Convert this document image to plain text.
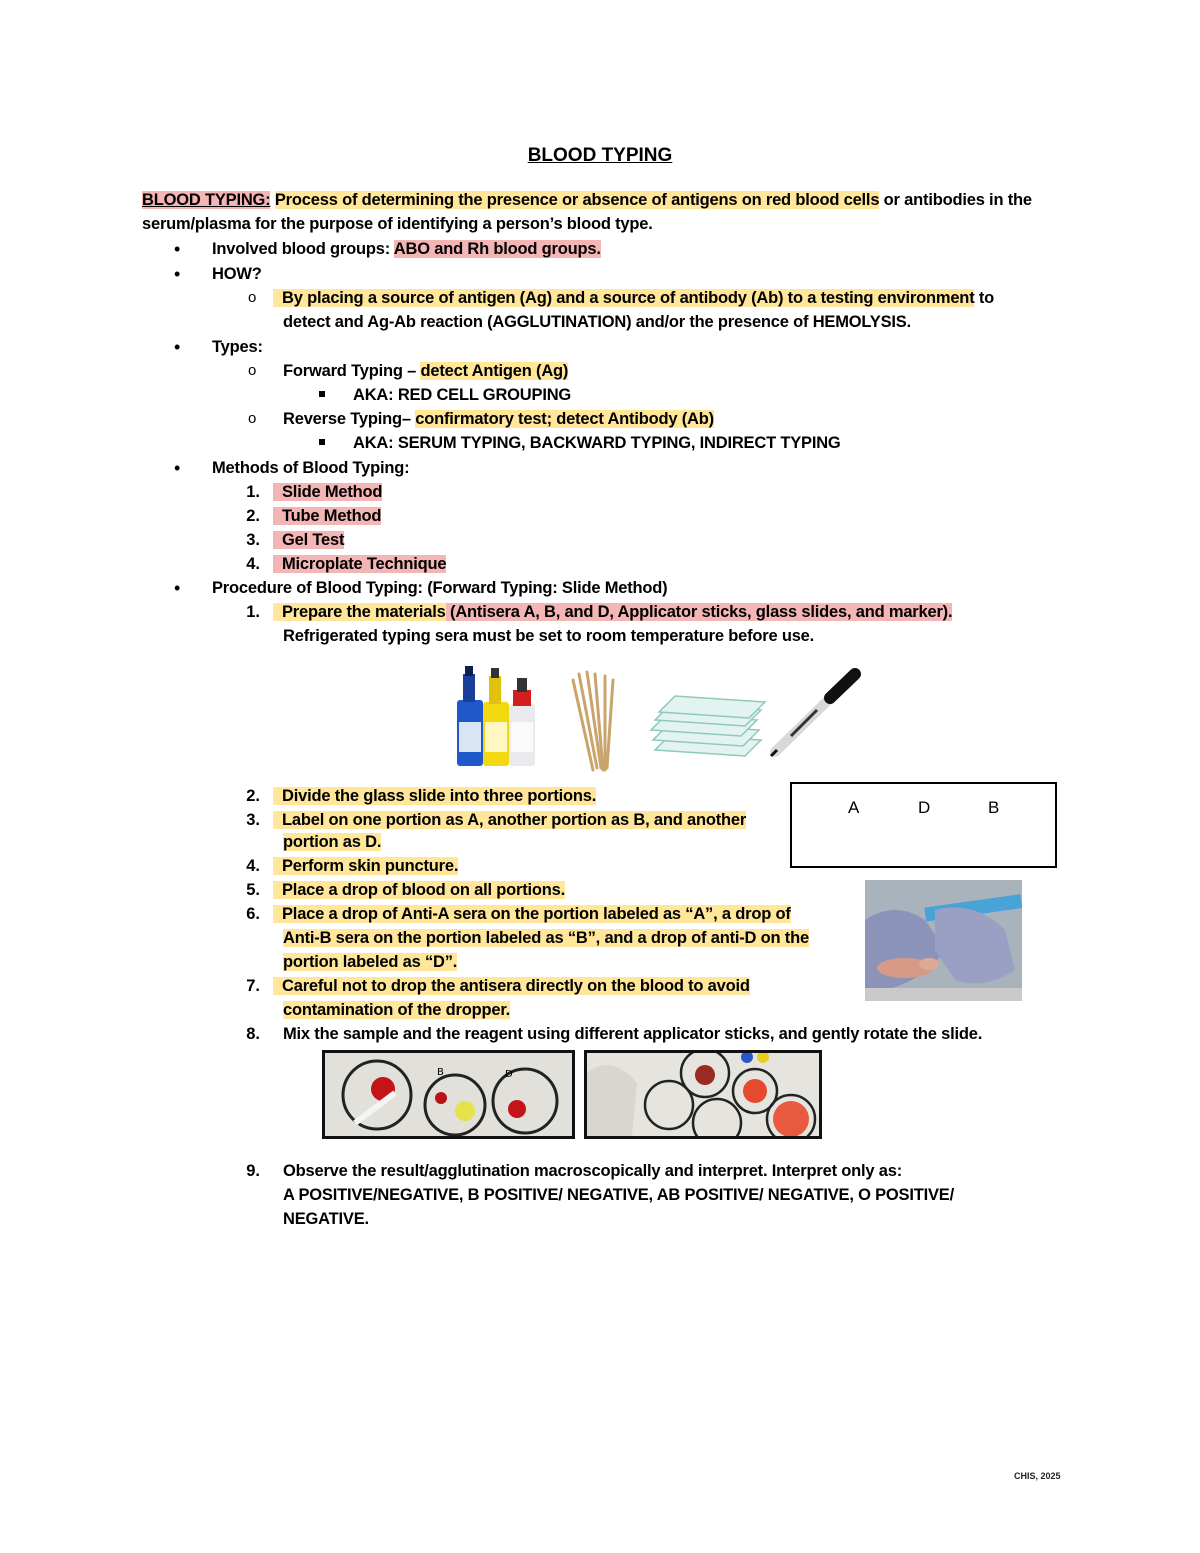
BLOOD TYPING
BLOOD TYPING: Process of determining the presence or absence of antigens on red blood cells or antibodies in the
serum/plasma for the purpose of identifying a person’s blood type.
• Involved blood groups: ABO and Rh blood groups.
• HOW?
o	By placing a source of antigen (Ag) and a source of antibody (Ab) to a testing environment to
detect and Ag-Ab reaction (AGGLUTINATION) and/or the presence of HEMOLYSIS.
• Types:
o Forward Typing – detect Antigen (Ag)
AKA: RED CELL GROUPING
o Reverse Typing– confirmatory test; detect Antibody (Ab)
AKA: SERUM TYPING, BACKWARD TYPING, INDIRECT TYPING
• Methods of Blood Typing:
1.	Slide Method
2.	Tube Method
3.	Gel Test
4.	Microplate Technique
• Procedure of Blood Typing: (Forward Typing: Slide Method)
1.	Prepare the materials (Antisera A, B, and D, Applicator sticks, glass slides, and marker).
Refrigerated typing sera must be set to room temperature before use.
A	D	B
2.	Divide the glass slide into three portions.
3.	Label on one portion as A, another portion as B, and another
portion as D.
4.	Perform skin puncture.
5.	Place a drop of blood on all portions.
6.	Place a drop of Anti-A sera on the portion labeled as “A”, a drop of
Anti-B sera on the portion labeled as “B”, and a drop of anti-D on the
portion labeled as “D”.
7.	Careful not to drop the antisera directly on the blood to avoid
contamination of the dropper.
8. Mix the sample and the reagent using different applicator sticks, and gently rotate the slide.
B	D
9. Observe the result/agglutination macroscopically and interpret. Interpret only as:
A POSITIVE/NEGATIVE, B POSITIVE/ NEGATIVE, AB POSITIVE/ NEGATIVE, O POSITIVE/
NEGATIVE.
CHIS, 2025
